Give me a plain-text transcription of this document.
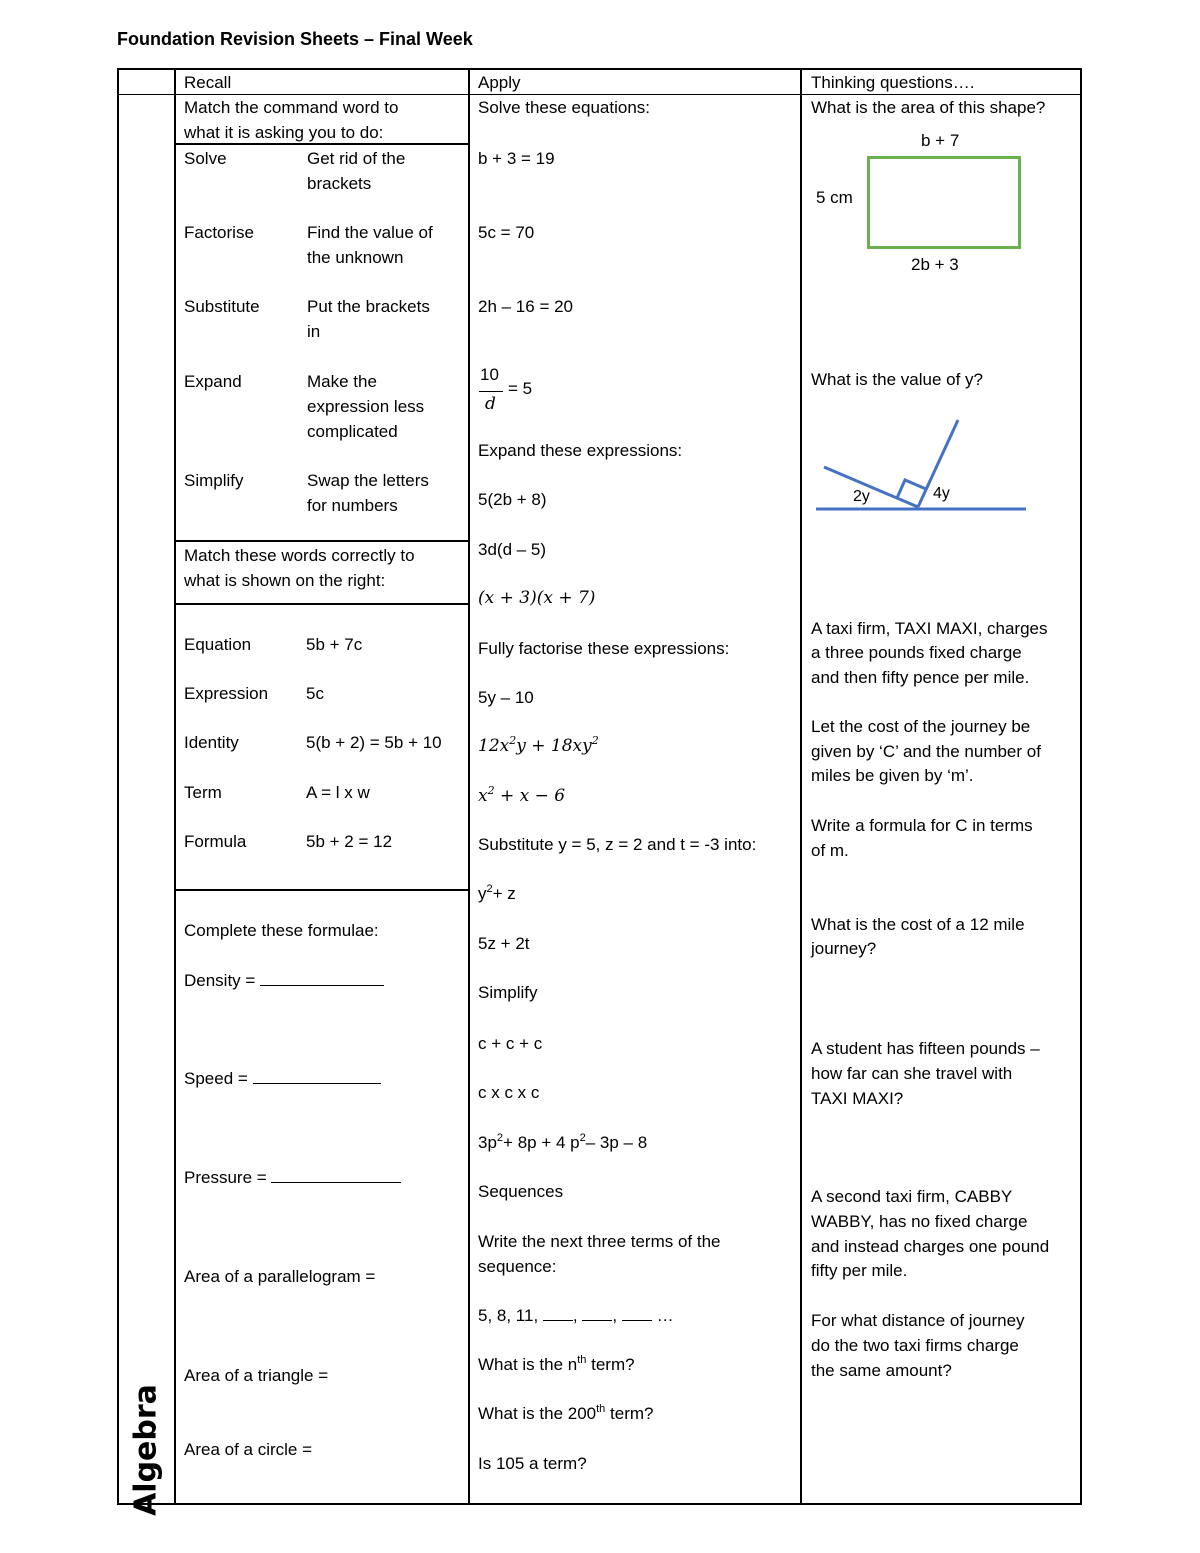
Foundation Revision Sheets – Final Week
Recall	Apply	Thinking questions….
Algebra
Match the command word to
what it is asking you to do:
Solve	Get rid of the
brackets
Factorise	Find the value of
the unknown
Substitute	Put the brackets
in
Expand	Make the
expression less
complicated
Simplify	Swap the letters
for numbers
Match these words correctly to
what is shown on the right:
Equation	5b + 7c
Expression 5c
Identity	5(b + 2) = 5b + 10
Term	A = l x w
Formula	5b + 2 = 12
Complete these formulae:
Density =
Speed =
Pressure =
Area of a parallelogram =
Area of a triangle =
Area of a circle =
Solve these equations:
b + 3 = 19
5c = 70
2h – 16 = 20
10
d
= 5
Expand these expressions:
5(2b + 8)
3d(d – 5)
(x + 3)(x + 7)
Fully factorise these expressions:
5y – 10
$12x^2y + 18xy^2$
$x^2 + x - 6$
Substitute y = 5, z = 2 and t = -3 into:
$y^2+ z$
5z + 2t
Simplify
c + c + c
c x c x c
$3p^2+ 8p + 4$ $p^2-$ 3p – 8
Sequences
Write the next three terms of the
sequence:
5, 8, 11, , , …
What is the $n^{th}$ term?
What is the 200th term?
Is 105 a term?
What is the area of this shape?
b + 7
5 cm
2b + 3
What is the value of y?
2y	4y
A taxi firm, TAXI MAXI, charges
a three pounds fixed charge
and then fifty pence per mile.
Let the cost of the journey be
given by ‘C’ and the number of
miles be given by ‘m’.
Write a formula for C in terms
of m.
What is the cost of a 12 mile
journey?
A student has fifteen pounds –
how far can she travel with
TAXI MAXI?
A second taxi firm, CABBY
WABBY, has no fixed charge
and instead charges one pound
fifty per mile.
For what distance of journey
do the two taxi firms charge
the same amount?
